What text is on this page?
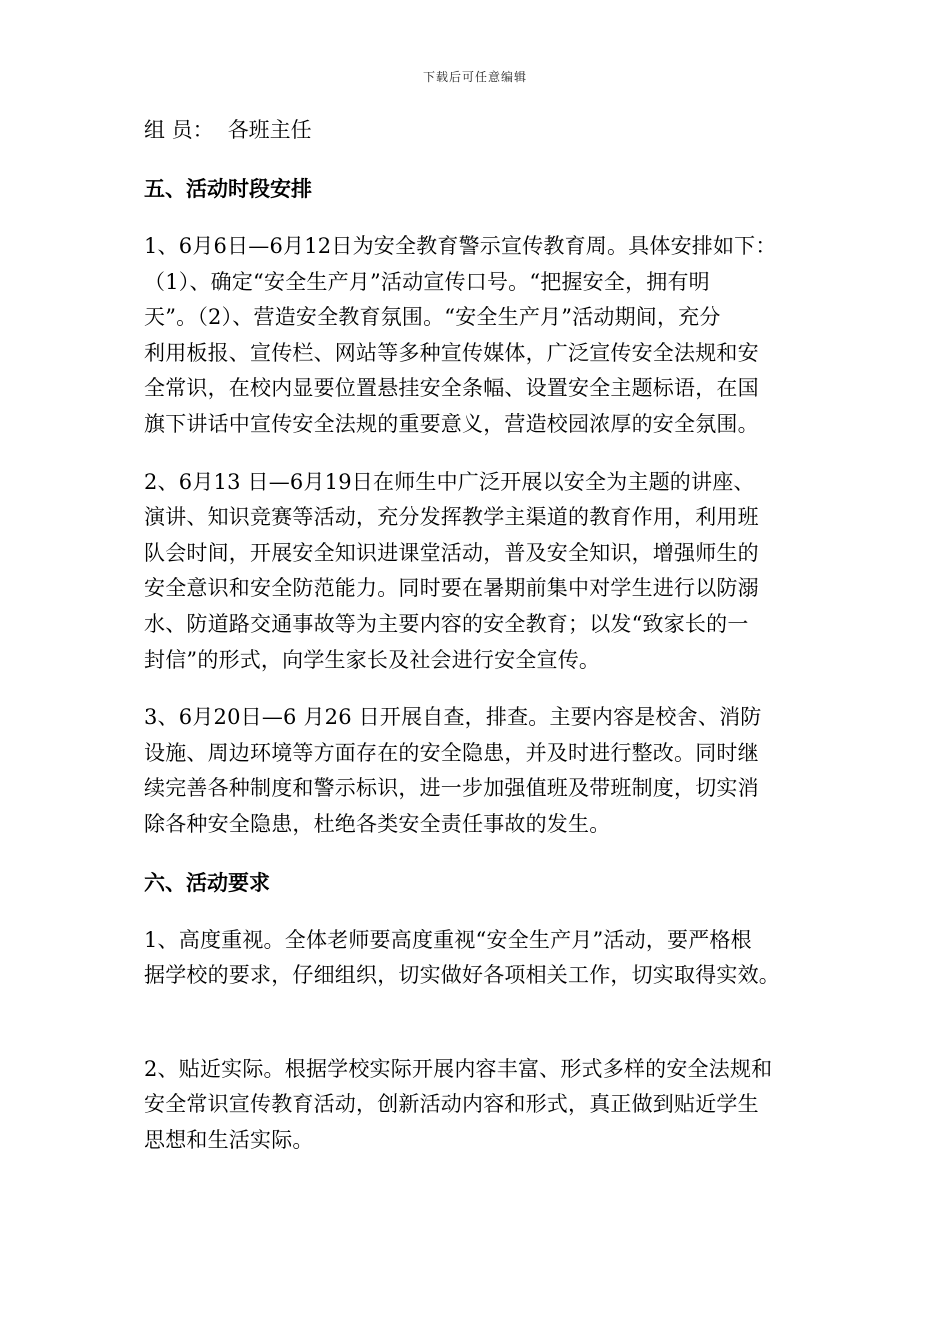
下载后可任意编辑

组 员： 各班主任

五、活动时段安排

1、6月6日—6月12日为安全教育警示宣传教育周。具体安排如下：
（1）、确定“安全生产月”活动宣传口号。“把握安全，拥有明
天”。（2）、营造安全教育氛围。“安全生产月”活动期间，充分
利用板报、宣传栏、网站等多种宣传媒体，广泛宣传安全法规和安
全常识，在校内显要位置悬挂安全条幅、设置安全主题标语，在国
旗下讲话中宣传安全法规的重要意义，营造校园浓厚的安全氛围。

2、6月13 日—6月19日在师生中广泛开展以安全为主题的讲座、
演讲、知识竞赛等活动，充分发挥教学主渠道的教育作用，利用班
队会时间，开展安全知识进课堂活动，普及安全知识，增强师生的
安全意识和安全防范能力。同时要在暑期前集中对学生进行以防溺
水、防道路交通事故等为主要内容的安全教育；以发“致家长的一
封信”的形式，向学生家长及社会进行安全宣传。

3、6月20日—6 月26 日开展自查，排查。主要内容是校舍、消防
设施、周边环境等方面存在的安全隐患，并及时进行整改。同时继
续完善各种制度和警示标识，进一步加强值班及带班制度，切实消
除各种安全隐患，杜绝各类安全责任事故的发生。

六、活动要求

1、高度重视。全体老师要高度重视“安全生产月”活动，要严格根
据学校的要求，仔细组织，切实做好各项相关工作，切实取得实效。

2、贴近实际。根据学校实际开展内容丰富、形式多样的安全法规和
安全常识宣传教育活动，创新活动内容和形式，真正做到贴近学生
思想和生活实际。
